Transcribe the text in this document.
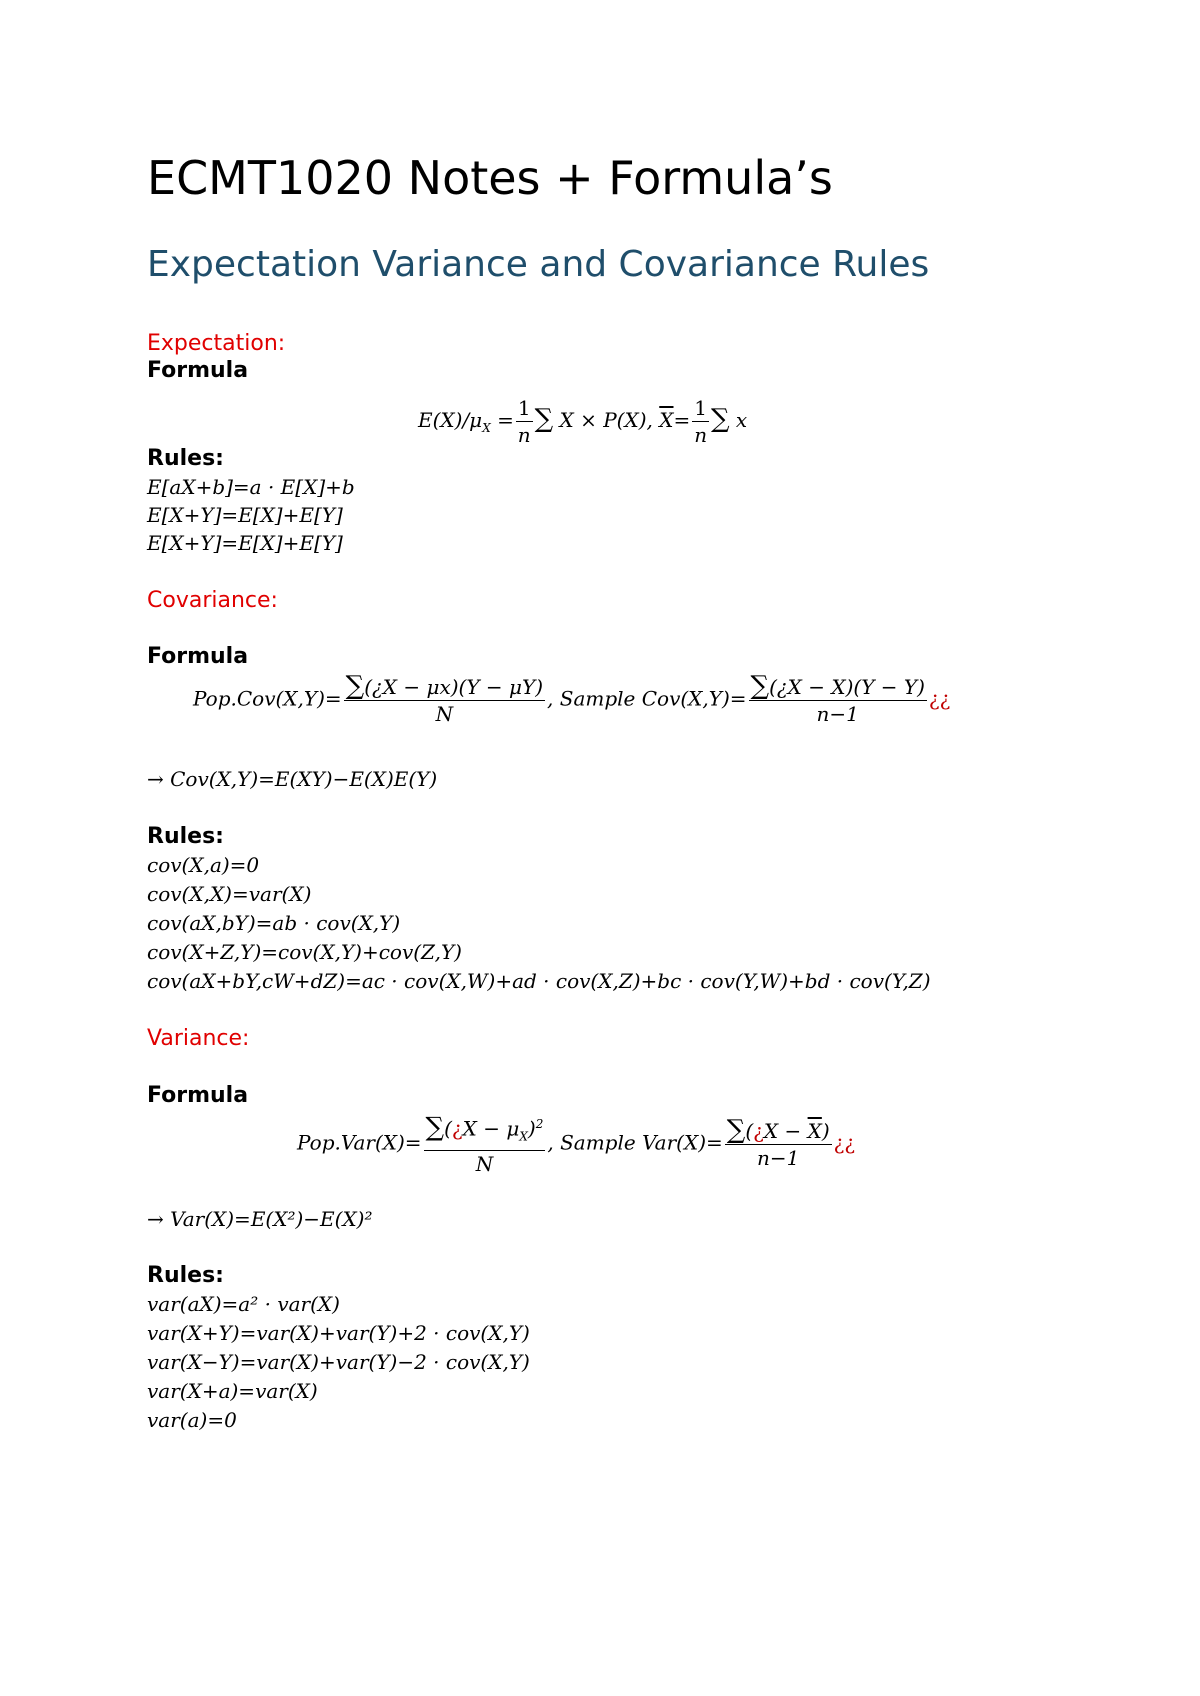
ECMT1020 Notes + Formula’s
Expectation Variance and Covariance Rules
Expectation:
Formula
$E(X)/\mu_X = \frac{1}{n}$ ∑ X × P(X), $\overline{X}= \frac{1}{n}$ ∑ x
Rules:
E[aX+b]=a · E[X]+b
E[X+Y]=E[X]+E[Y]
E[X+Y]=E[X]+E[Y]
Covariance:
Formula
$Pop.Cov(X,Y)= \frac{\sum(¿X - \mu x)(Y - \mu Y)}{N}$ , Sample $Cov(X,Y)= \frac{\sum(¿X - X)(Y - Y)}{n-1}$ ¿¿
→ Cov(X,Y)=E(XY)−E(X)E(Y)
Rules:
cov(X,a)=0
cov(X,X)=var(X)
cov(aX,bY)=ab · cov(X,Y)
cov(X+Z,Y)=cov(X,Y)+cov(Z,Y)
cov(aX+bY,cW+dZ)=ac · cov(X,W)+ad · cov(X,Z)+bc · cov(Y,W)+bd · cov(Y,Z)
Variance:
Formula
$Pop.Var(X)= \frac{\sum(¿X - \mu_X)^2}{N}$ , Sample $Var(X)= \frac{\sum(¿X - \overline{X})}{n-1}$ ¿¿
→ Var(X)=E(X²)−E(X)²
Rules:
var(aX)=a² · var(X)
var(X+Y)=var(X)+var(Y)+2 · cov(X,Y)
var(X−Y)=var(X)+var(Y)−2 · cov(X,Y)
var(X+a)=var(X)
var(a)=0
